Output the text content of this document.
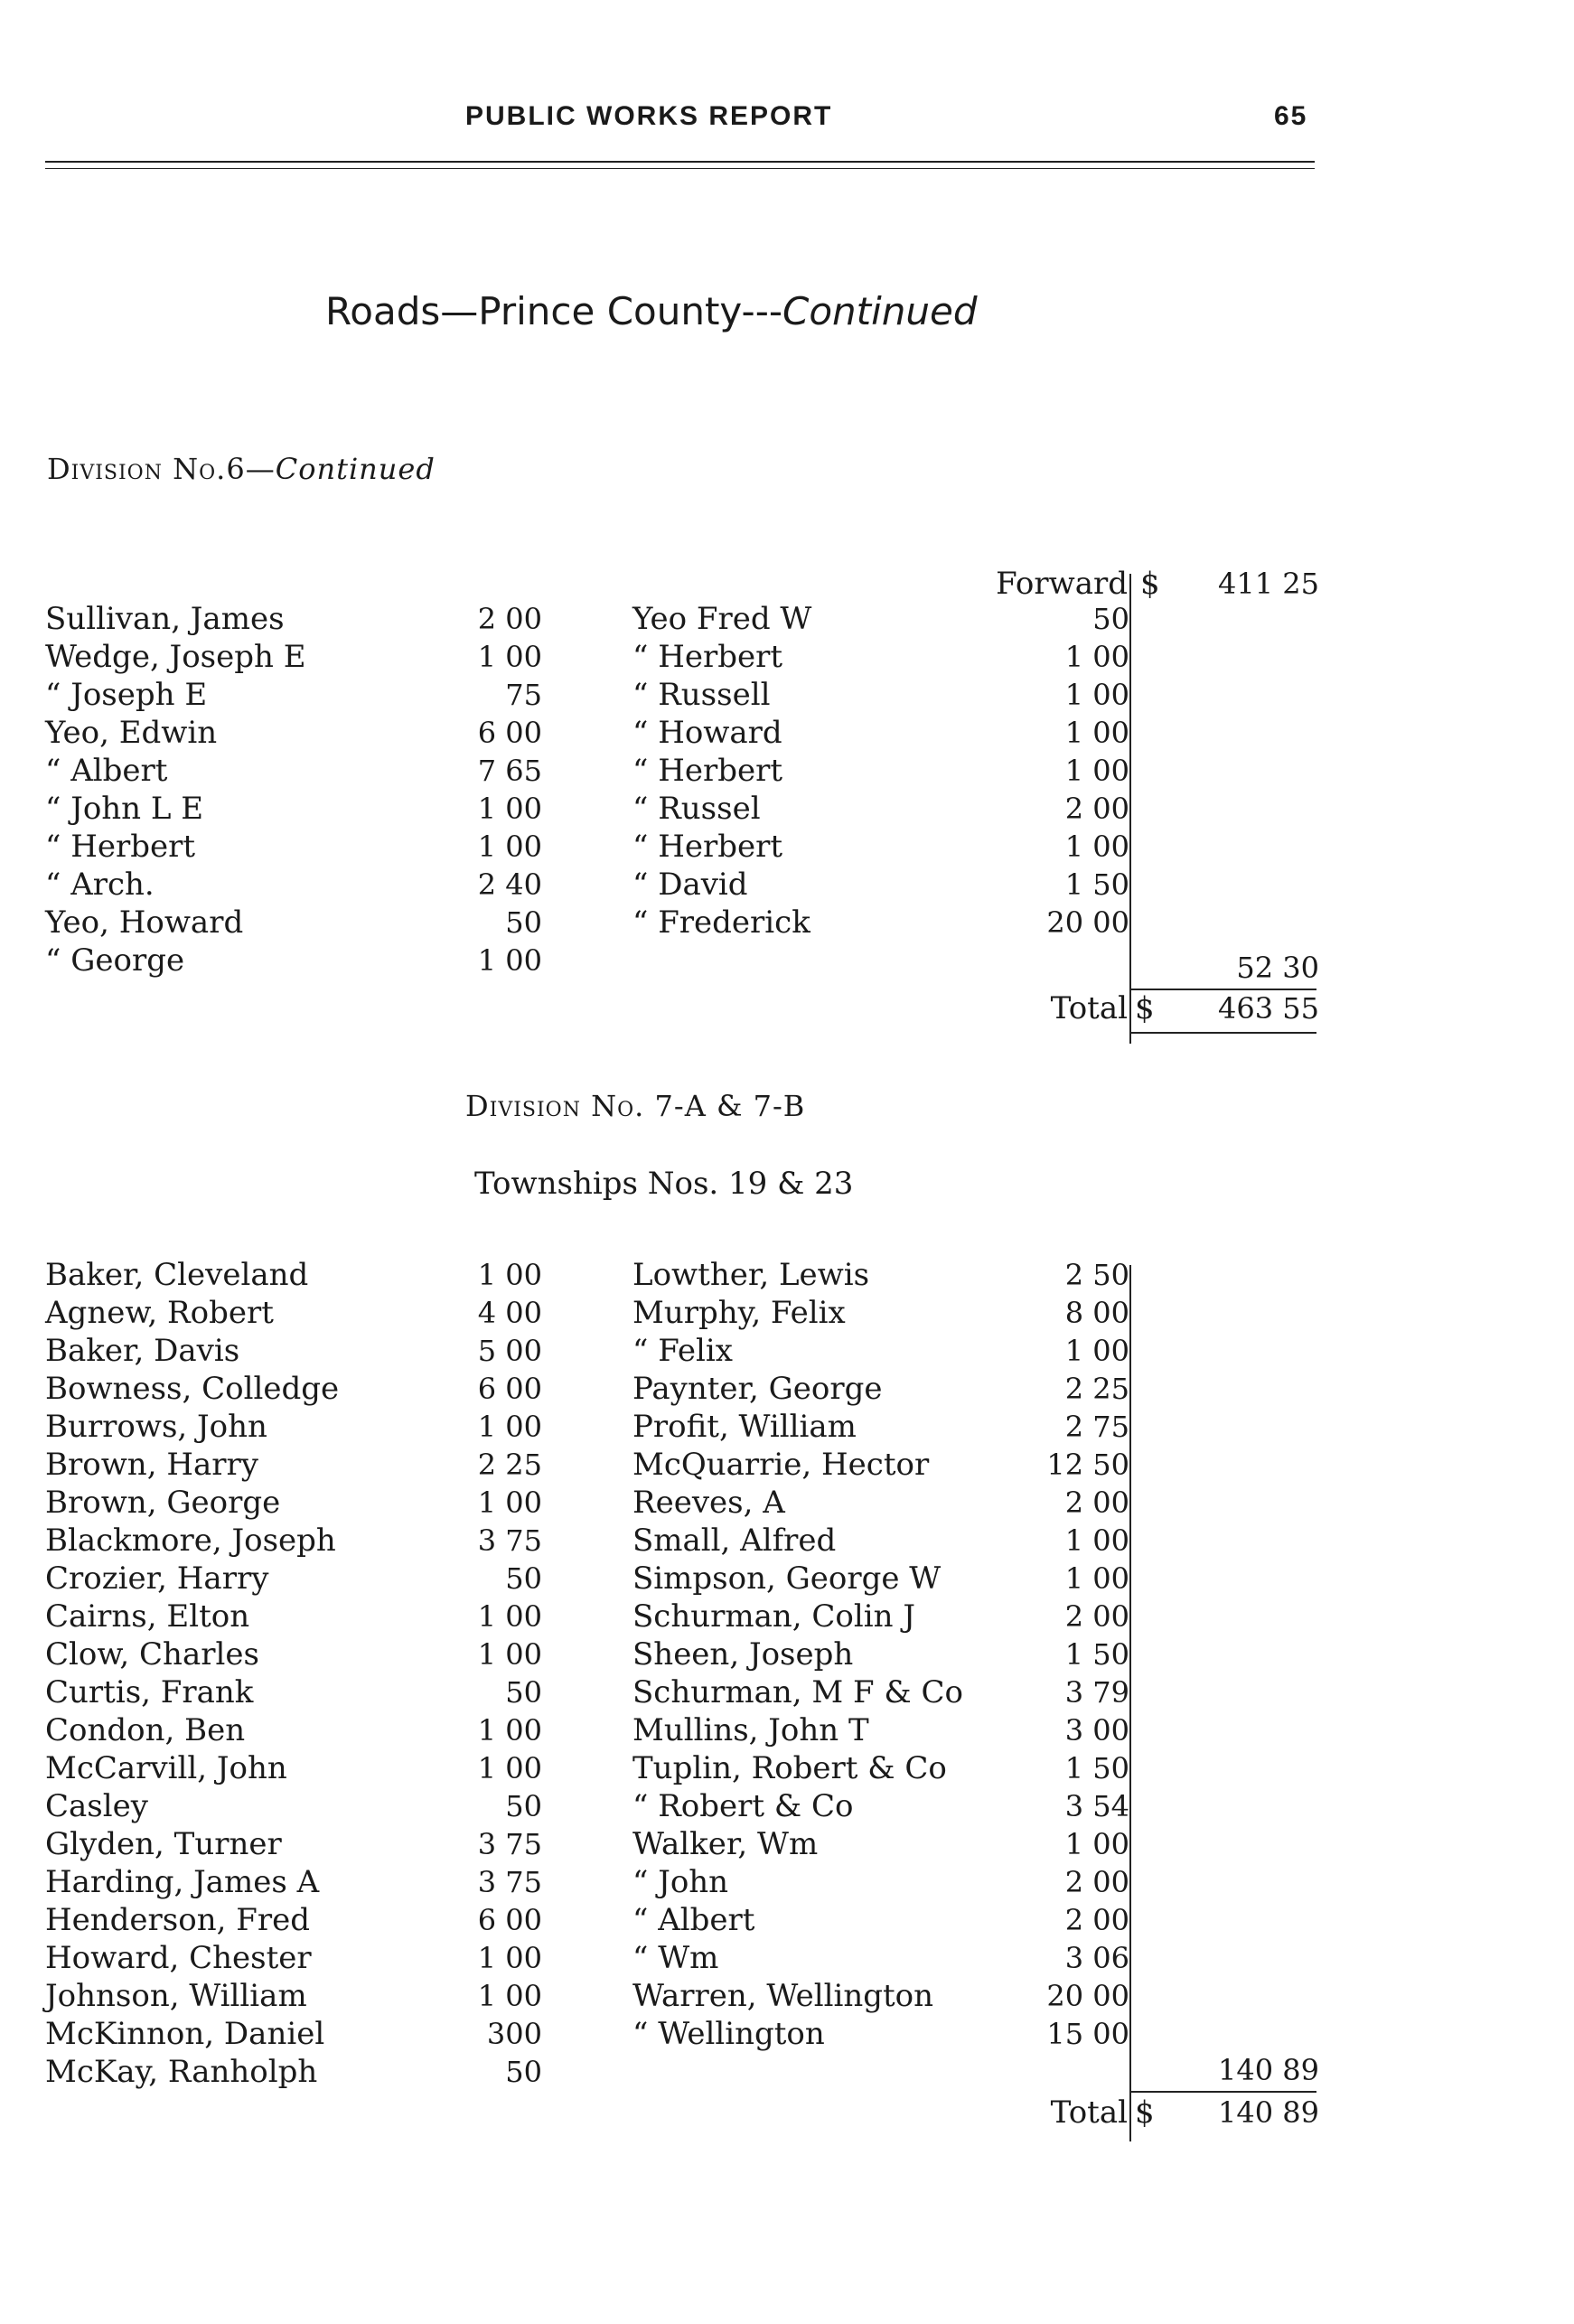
PUBLIC WORKS REPORT	65
Roads—Prince County---Continued
Division No.6—Continued
Forward $	411 25
Sullivan, James	2 00
Wedge, Joseph E	1 00
“ Joseph E	75
Yeo, Edwin	6 00
“ Albert	7 65
“ John L E	1 00
“ Herbert	1 00
“ Arch.	2 40
Yeo, Howard	50
“ George	1 00
Yeo Fred W	50
“ Herbert	1 00
“ Russell	1 00
“ Howard	1 00
“ Herbert	1 00
“ Russel	2 00
“ Herbert	1 00
“ David	1 50
“ Frederick	20 00
52 30
Total $	463 55
Division No. 7-A & 7-B
Townships Nos. 19 & 23
Baker, Cleveland	1 00
Agnew, Robert	4 00
Baker, Davis	5 00
Bowness, Colledge	6 00
Burrows, John	1 00
Brown, Harry	2 25
Brown, George	1 00
Blackmore, Joseph	3 75
Crozier, Harry	50
Cairns, Elton	1 00
Clow, Charles	1 00
Curtis, Frank	50
Condon, Ben	1 00
McCarvill, John	1 00
Casley	50
Glyden, Turner	3 75
Harding, James A	3 75
Henderson, Fred	6 00
Howard, Chester	1 00
Johnson, William	1 00
McKinnon, Daniel	300
McKay, Ranholph	50
Lowther, Lewis	2 50
Murphy, Felix	8 00
“ Felix	1 00
Paynter, George	2 25
Profit, William	2 75
McQuarrie, Hector	12 50
Reeves, A	2 00
Small, Alfred	1 00
Simpson, George W	1 00
Schurman, Colin J	2 00
Sheen, Joseph	1 50
Schurman, M F & Co	3 79
Mullins, John T	3 00
Tuplin, Robert & Co	1 50
“ Robert & Co	3 54
Walker, Wm	1 00
“ John	2 00
“ Albert	2 00
“ Wm	3 06
Warren, Wellington	20 00
“ Wellington	15 00
140 89
Total $	140 89
